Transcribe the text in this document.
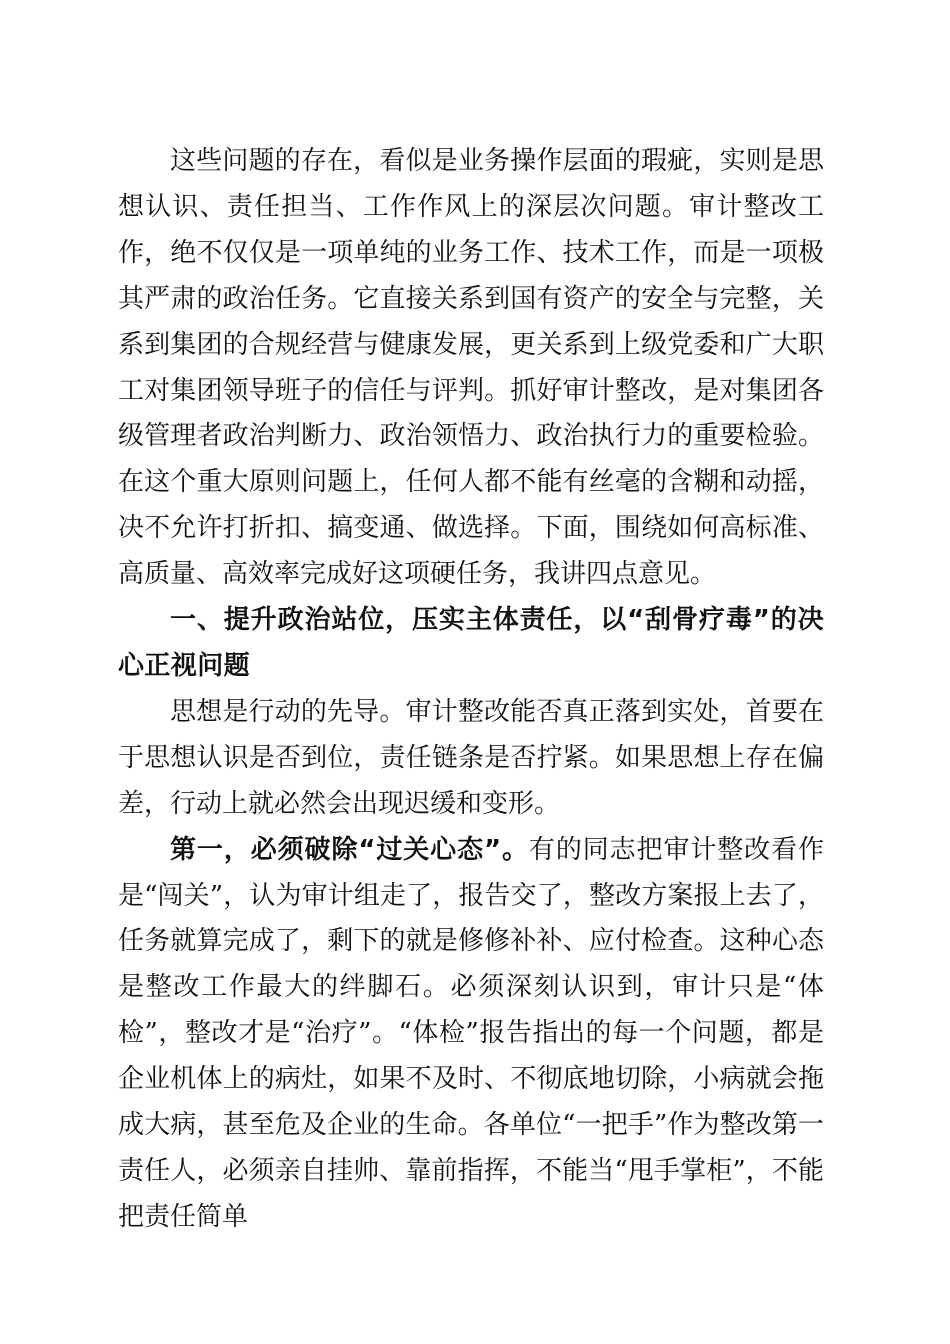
这些问题的存在，看似是业务操作层面的瑕疵，实则是思想认识、责任担当、工作作风上的深层次问题。审计整改工作，绝不仅仅是一项单纯的业务工作、技术工作，而是一项极其严肃的政治任务。它直接关系到国有资产的安全与完整，关系到集团的合规经营与健康发展，更关系到上级党委和广大职工对集团领导班子的信任与评判。抓好审计整改，是对集团各级管理者政治判断力、政治领悟力、政治执行力的重要检验。在这个重大原则问题上，任何人都不能有丝毫的含糊和动摇，决不允许打折扣、搞变通、做选择。下面，围绕如何高标准、高质量、高效率完成好这项硬任务，我讲四点意见。

一、提升政治站位，压实主体责任，以“刮骨疗毒”的决心正视问题

思想是行动的先导。审计整改能否真正落到实处，首要在于思想认识是否到位，责任链条是否拧紧。如果思想上存在偏差，行动上就必然会出现迟缓和变形。

第一，必须破除“过关心态”。有的同志把审计整改看作是“闯关”，认为审计组走了，报告交了，整改方案报上去了，任务就算完成了，剩下的就是修修补补、应付检查。这种心态是整改工作最大的绊脚石。必须深刻认识到，审计只是“体检”，整改才是“治疗”。“体检”报告指出的每一个问题，都是企业机体上的病灶，如果不及时、不彻底地切除，小病就会拖成大病，甚至危及企业的生命。各单位“一把手”作为整改第一责任人，必须亲自挂帅、靠前指挥，不能当“甩手掌柜”，不能把责任简单
